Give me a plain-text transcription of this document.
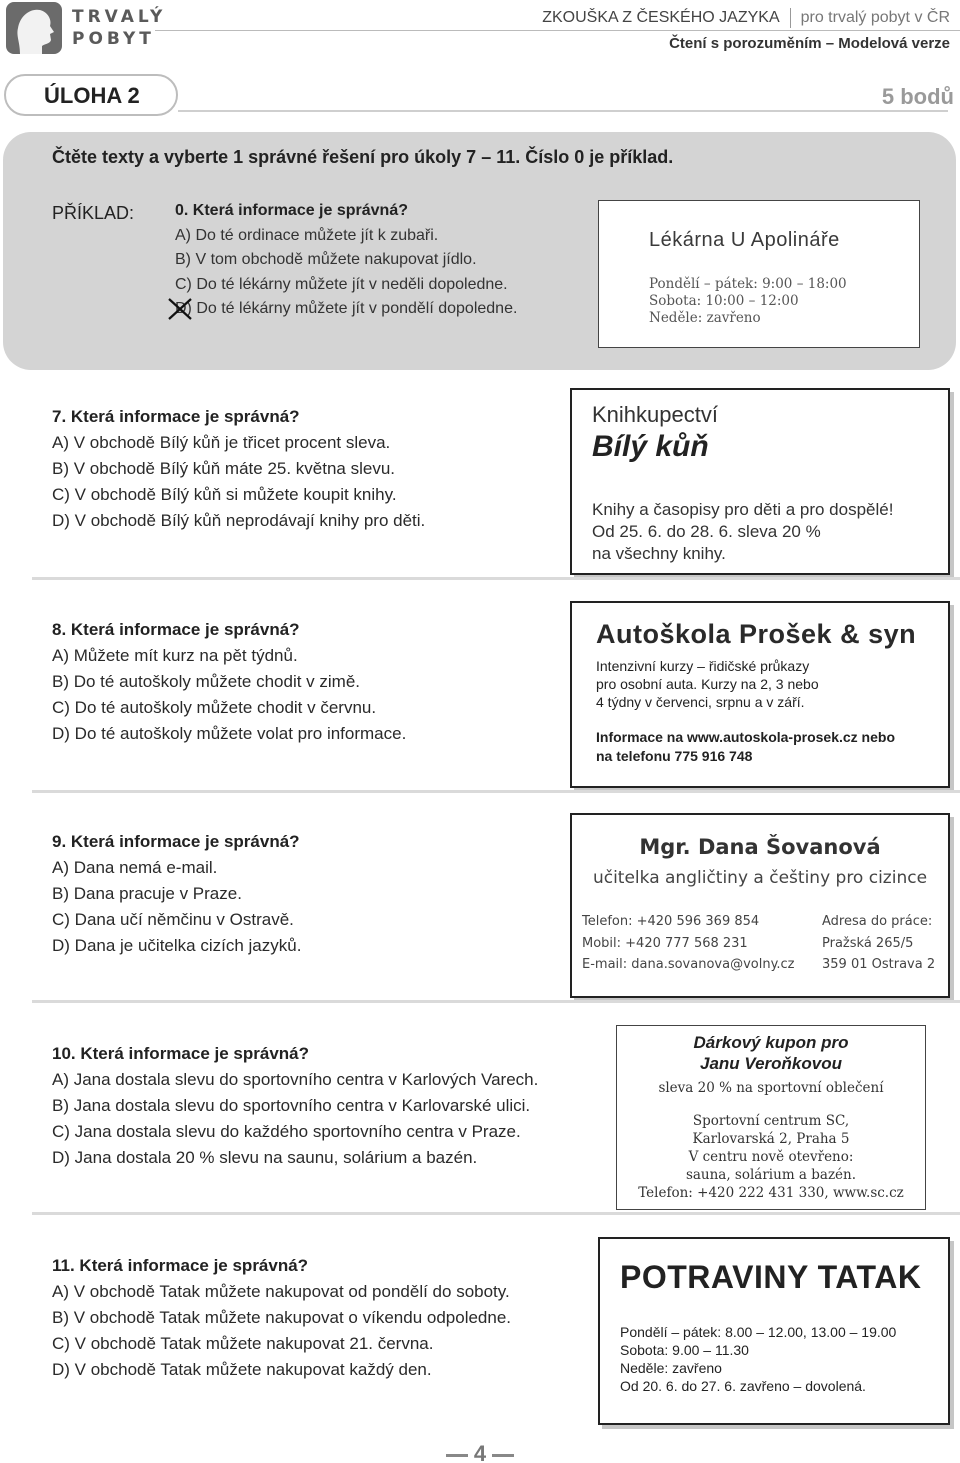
TRVALÝ
POBYT
ZKOUŠKA Z ČESKÉHO JAZYKA pro trvalý pobyt v ČR
Čtení s porozuměním – Modelová verze
ÚLOHA 2	5 bodů
Čtěte texty a vyberte 1 správné řešení pro úkoly 7 – 11. Číslo 0 je příklad.
PŘÍKLAD:	0. Která informace je správná?
A) Do té ordinace můžete jít k zubaři.
B) V tom obchodě můžete nakupovat jídlo.
C) Do té lékárny můžete jít v neděli dopoledne.
D) Do té lékárny můžete jít v pondělí dopoledne.
Lékárna U Apolináře
Pondělí – pátek: 9:00 – 18:00
Sobota: 10:00 – 12:00
Neděle: zavřeno
7. Která informace je správná?
A) V obchodě Bílý kůň je třicet procent sleva.
B) V obchodě Bílý kůň máte 25. května slevu.
C) V obchodě Bílý kůň si můžete koupit knihy.
D) V obchodě Bílý kůň neprodávají knihy pro děti.
Knihkupectví
Bílý kůň
Knihy a časopisy pro děti a pro dospělé!
Od 25. 6. do 28. 6. sleva 20 %
na všechny knihy.
8. Která informace je správná?
A) Můžete mít kurz na pět týdnů.
B) Do té autoškoly můžete chodit v zimě.
C) Do té autoškoly můžete chodit v červnu.
D) Do té autoškoly můžete volat pro informace.
Autoškola Prošek & syn
Intenzivní kurzy – řidičské průkazy
pro osobní auta. Kurzy na 2, 3 nebo
4 týdny v červenci, srpnu a v září.
Informace na www.autoskola-prosek.cz nebo
na telefonu 775 916 748
9. Která informace je správná?
A) Dana nemá e-mail.
B) Dana pracuje v Praze.
C) Dana učí němčinu v Ostravě.
D) Dana je učitelka cizích jazyků.
Mgr. Dana Šovanová
učitelka angličtiny a češtiny pro cizince
Telefon: +420 596 369 854
Mobil: +420 777 568 231
E-mail: dana.sovanova@volny.cz
Adresa do práce:
Pražská 265/5
359 01 Ostrava 2
10. Která informace je správná?
A) Jana dostala slevu do sportovního centra v Karlových Varech.
B) Jana dostala slevu do sportovního centra v Karlovarské ulici.
C) Jana dostala slevu do každého sportovního centra v Praze.
D) Jana dostala 20 % slevu na saunu, solárium a bazén.
Dárkový kupon pro
Janu Veroňkovou
sleva 20 % na sportovní oblečení
Sportovní centrum SC,
Karlovarská 2, Praha 5
V centru nově otevřeno:
sauna, solárium a bazén.
Telefon: +420 222 431 330, www.sc.cz
11. Která informace je správná?
A) V obchodě Tatak můžete nakupovat od pondělí do soboty.
B) V obchodě Tatak můžete nakupovat o víkendu odpoledne.
C) V obchodě Tatak můžete nakupovat 21. června.
D) V obchodě Tatak můžete nakupovat každý den.
POTRAVINY TATAK
Pondělí – pátek: 8.00 – 12.00, 13.00 – 19.00
Sobota: 9.00 – 11.30
Neděle: zavřeno
Od 20. 6. do 27. 6. zavřeno – dovolená.
4
